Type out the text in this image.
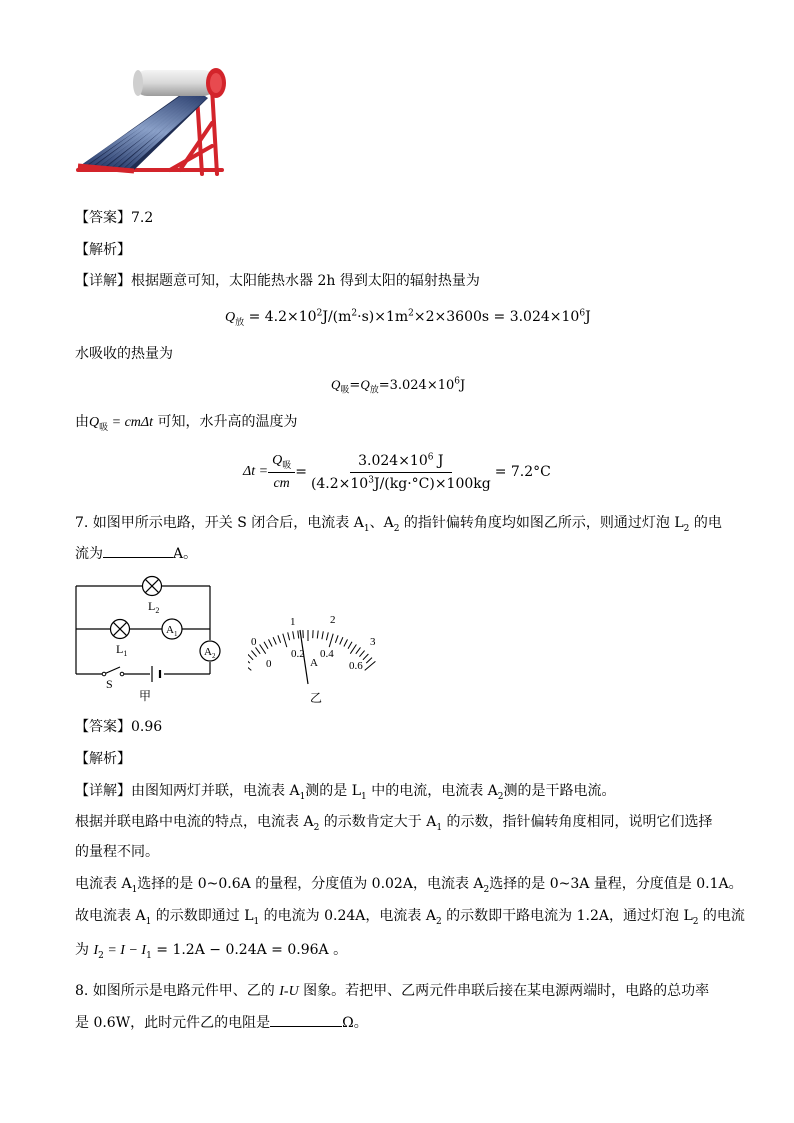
【答案】7.2
【解析】
【详解】根据题意可知，太阳能热水器 2h 得到太阳的辐射热量为
$Q_放 = 4.2\times 10^2J/(m^2\cdot s)\times 1m^2\times 2\times 3600s = 3.024\times 10^6J$
水吸收的热量为
$Q_吸=Q_放=3.024\times 10^6J$
由$Q_吸 = cm\Delta t$ 可知，水升高的温度为
$\Delta t = \frac{Q_吸}{cm} = \frac{3.024\times 10^6 J}{(4.2\times 10^3J/(kg\cdot^\circ C)\times 100kg} = 7.2^\circ C$
7. 如图甲所示电路，开关 S 闭合后，电流表 $A_1$、$A_2$ 的指针偏转角度均如图乙所示，则通过灯泡 $L_2$ 的电
流为	A。
$L_2$
$L_1$
$A_1$
$A_2$
S
甲
0
1	2
3
0
0.2 0.4
0.6
A
乙
【答案】0.96
【解析】
【详解】由图知两灯并联，电流表 $A_1$测的是 $L_1$ 中的电流，电流表 $A_2$测的是干路电流。
根据并联电路中电流的特点，电流表 $A_2$ 的示数肯定大于 $A_1$ 的示数，指针偏转角度相同，说明它们选择
的量程不同。
电流表 $A_1$选择的是 0~0.6A 的量程，分度值为 0.02A，电流表 $A_2$选择的是 0~3A 量程，分度值是 0.1A。
故电流表 $A_1$ 的示数即通过 $L_1$ 的电流为 0.24A，电流表 $A_2$ 的示数即干路电流为 1.2A，通过灯泡 $L_2$ 的电流
为 $I_2 = I - I_1 = 1.2A - 0.24A = 0.96A$ 。
8. 如图所示是电路元件甲、乙的 I-U 图象。若把甲、乙两元件串联后接在某电源两端时，电路的总功率
是 0.6W，此时元件乙的电阻是	Ω。
